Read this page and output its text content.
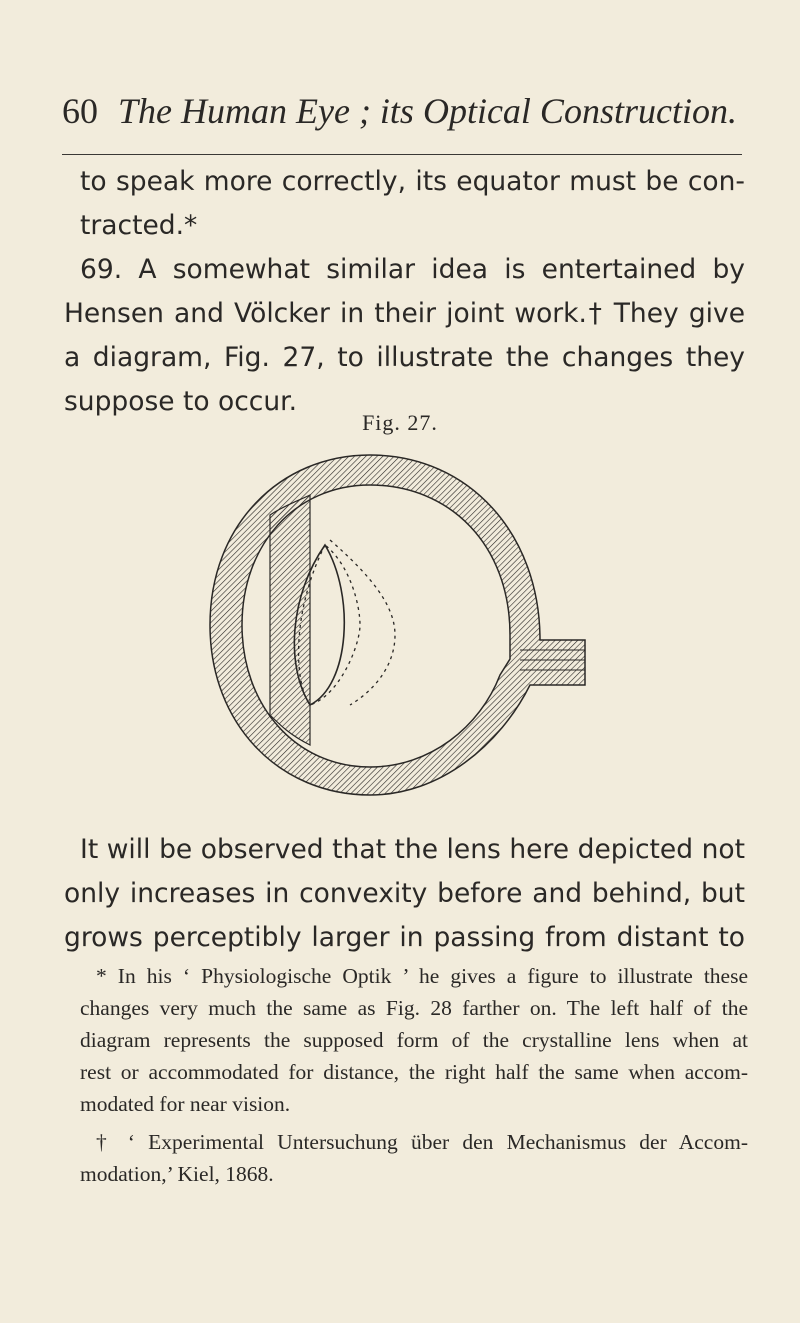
60 The Human Eye ; its Optical Construction.
to speak more correctly, its equator must be con-
tracted.*
69. A somewhat similar idea is entertained by
Hensen and Völcker in their joint work.† They give
a diagram, Fig. 27, to illustrate the changes they
suppose to occur.
Fig. 27.
It will be observed that the lens here depicted not
only increases in convexity before and behind, but
grows perceptibly larger in passing from distant to
* In his ‘ Physiologische Optik ’ he gives a figure to illustrate these
changes very much the same as Fig. 28 farther on. The left half of the
diagram represents the supposed form of the crystalline lens when at
rest or accommodated for distance, the right half the same when accom-
modated for near vision.
† ‘ Experimental Untersuchung über den Mechanismus der Accom-
modation,’ Kiel, 1868.
